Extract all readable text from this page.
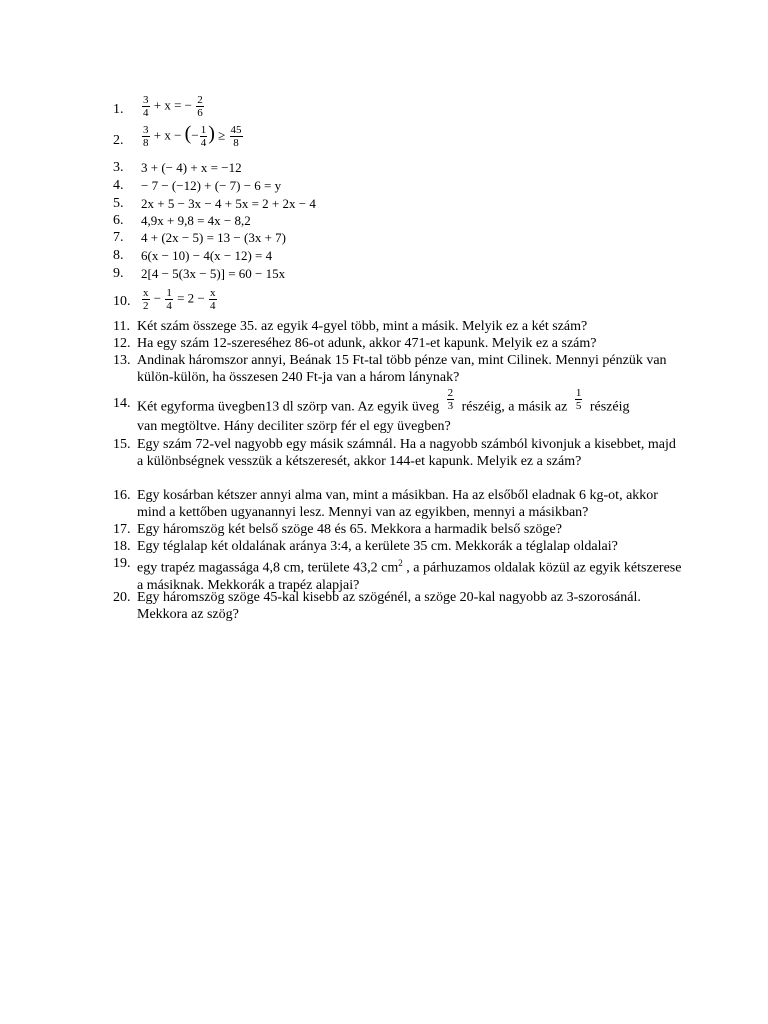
1.	$\frac{3}{4} + x$ = − $\frac{2}{6}$
2.	$\frac{3}{8} + x$ − (− $\frac{1}{4}$ ) ≥ $\frac{45}{8}$
3.	3 + (− 4) + x = −12
4.	− 7 − (−12) + (− 7) − 6 = y
5.	2x + 5 − 3x − 4 + 5x = 2 + 2x − 4
6.	4,9x + 9,8 = 4x − 8,2
7.	4 + (2x − 5) = 13 − (3x + 7)
8.	6(x − 10) − 4(x − 12) = 4
9.	2[4 − 5(3x − 5)] = 60 − 15x
10.	$\frac{x}{2} - \frac{1}{4} = 2 - \frac{x}{4}$
11. Két szám összege 35. az egyik 4-gyel több, mint a másik. Melyik ez a két szám?
12. Ha egy szám 12-szereséhez 86-ot adunk, akkor 471-et kapunk. Melyik ez a szám?
13. Andinak háromszor annyi, Beának 15 Ft-tal több pénze van, mint Cilinek. Mennyi pénzük van külön-külön, ha összesen 240 Ft-ja van a három lánynak?
14. Két egyforma üvegben13 dl szörp van. Az egyik üveg $\frac{2}{3}$ részéig, a másik az $\frac{1}{5}$ részéig
van megtöltve. Hány deciliter szörp fér el egy üvegben?
15. Egy szám 72-vel nagyobb egy másik számnál. Ha a nagyobb számból kivonjuk a kisebbet, majd a különbségnek vesszük a kétszeresét, akkor 144-et kapunk. Melyik ez a szám?
16. Egy kosárban kétszer annyi alma van, mint a másikban. Ha az elsőből eladnak 6 kg-ot, akkor mind a kettőben ugyanannyi lesz. Mennyi van az egyikben, mennyi a másikban?
17. Egy háromszög két belső szöge 48 és 65. Mekkora a harmadik belső szöge?
18. Egy téglalap két oldalának aránya 3:4, a kerülete 35 cm. Mekkorák a téglalap oldalai?
19. egy trapéz magassága 4,8 cm, területe 43,2 $cm^2$ , a párhuzamos oldalak közül az egyik kétszerese a másiknak. Mekkorák a trapéz alapjai?
20. Egy háromszög szöge 45-kal kisebb az szögénél, a szöge 20-kal nagyobb az 3-szorosánál. Mekkora az szög?
